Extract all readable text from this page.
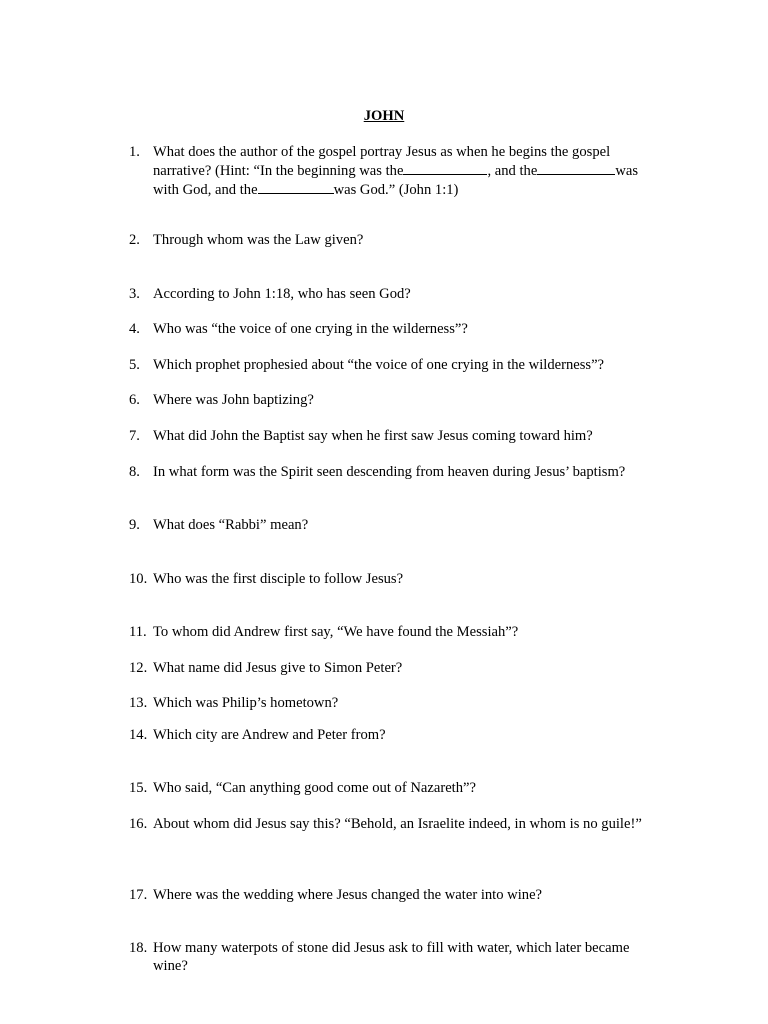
JOHN
1. What does the author of the gospel portray Jesus as when he begins the gospel narrative? (Hint: “In the beginning was the	, and the	was with God, and the	was God.” (John 1:1)
2. Through whom was the Law given?
3. According to John 1:18, who has seen God?
4. Who was “the voice of one crying in the wilderness”?
5. Which prophet prophesied about “the voice of one crying in the wilderness”?
6. Where was John baptizing?
7. What did John the Baptist say when he first saw Jesus coming toward him?
8. In what form was the Spirit seen descending from heaven during Jesus’ baptism?
9. What does “Rabbi” mean?
10. Who was the first disciple to follow Jesus?
11. To whom did Andrew first say, “We have found the Messiah”?
12. What name did Jesus give to Simon Peter?
13. Which was Philip’s hometown?
14. Which city are Andrew and Peter from?
15. Who said, “Can anything good come out of Nazareth”?
16. About whom did Jesus say this? “Behold, an Israelite indeed, in whom is no guile!”
17. Where was the wedding where Jesus changed the water into wine?
18. How many waterpots of stone did Jesus ask to fill with water, which later became wine?
